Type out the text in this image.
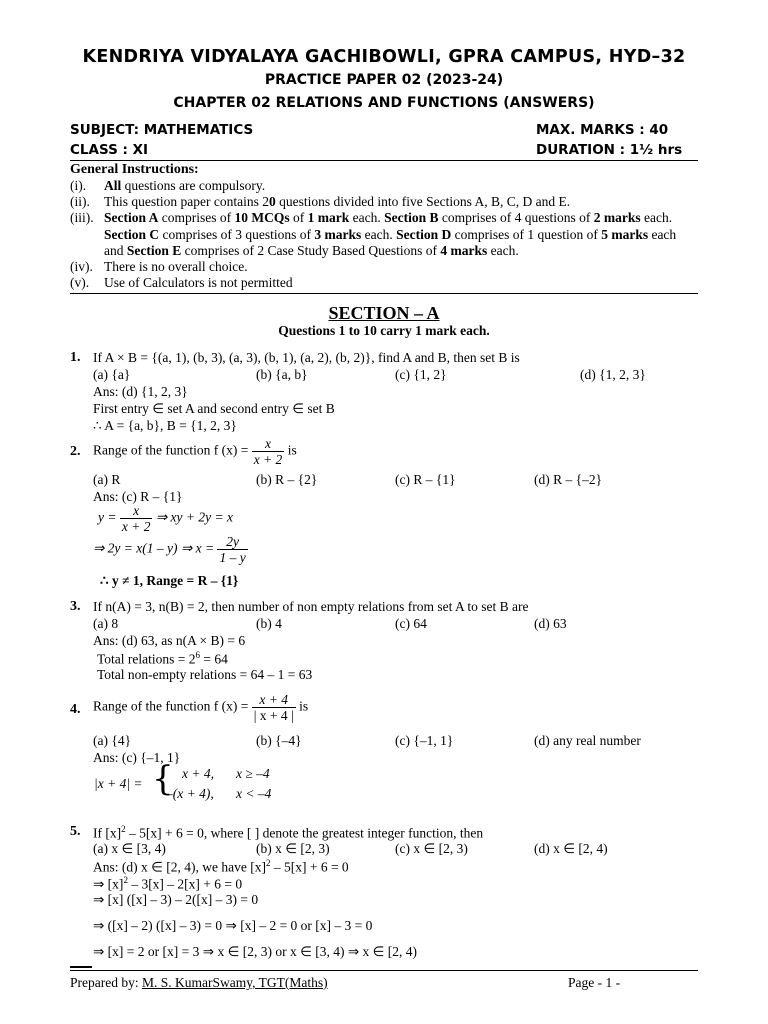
KENDRIYA VIDYALAYA GACHIBOWLI, GPRA CAMPUS, HYD–32
PRACTICE PAPER 02 (2023-24)
CHAPTER 02 RELATIONS AND FUNCTIONS (ANSWERS)
SUBJECT: MATHEMATICS	MAX. MARKS : 40
CLASS : XI	DURATION : 1½ hrs
General Instructions:
(i). All questions are compulsory.
(ii). This question paper contains 20 questions divided into five Sections A, B, C, D and E.
(iii). Section A comprises of 10 MCQs of 1 mark each. Section B comprises of 4 questions of 2 marks each. Section C comprises of 3 questions of 3 marks each. Section D comprises of 1 question of 5 marks each and Section E comprises of 2 Case Study Based Questions of 4 marks each.
(iv). There is no overall choice.
(v). Use of Calculators is not permitted
SECTION – A
Questions 1 to 10 carry 1 mark each.
1. If A × B = {(a, 1), (b, 3), (a, 3), (b, 1), (a, 2), (b, 2)}, find A and B, then set B is
(a) {a}	(b) {a, b}	(c) {1, 2}	(d) {1, 2, 3}
Ans: (d) {1, 2, 3}
First entry ∈ set A and second entry ∈ set B
∴ A = {a, b}, B = {1, 2, 3}
2. Range of the function f $(x) = \frac{x}{x + 2}$ is
(a) R	(b) R – {2}	(c) R – {1}	(d) R – {–2}
Ans: (c) R – {1}
$y = \frac{x}{x + 2}$ ⇒ xy + 2y = x
⇒ 2y = x(1 – y) ⇒ $x = \frac{2y}{1 - y}$
∴ y ≠ 1, Range = R – {1}
3. If n(A) = 3, n(B) = 2, then number of non empty relations from set A to set B are
(a) 8	(b) 4	(c) 64	(d) 63
Ans: (d) 63, as n(A × B) = 6
Total relations = $2^6 = 64$
Total non-empty relations = 64 – 1 = 63
4. Range of the function f $(x) = \frac{x + 4}{| x + 4 |}$ is
(a) {4}	(b) {–4}	(c) {–1, 1}	(d) any real number
Ans: (c) {–1, 1}
|x + 4| = { x + 4, x ≥ –4
–(x + 4), x < –4
5. If $[x]^2 - 5[x] + 6 = 0$, where [ ] denote the greatest integer function, then
(a) x ∈ [3, 4)	(b) x ∈ [2, 3)	(c) x ∈ [2, 3)	(d) x ∈ [2, 4)
Ans: (d) x ∈ [2, 4), we have $[x]^2 - 5[x] + 6 = 0$
⇒ $[x]^2 - 3[x] - 2[x] + 6 = 0$
⇒ [x] ([x] – 3) – 2([x] – 3) = 0
⇒ ([x] – 2) ([x] – 3) = 0 ⇒ [x] – 2 = 0 or [x] – 3 = 0
⇒ [x] = 2 or [x] = 3 ⇒ x ∈ [2, 3) or x ∈ [3, 4) ⇒ x ∈ [2, 4)
Prepared by: M. S. KumarSwamy, TGT(Maths)	Page - 1 -
